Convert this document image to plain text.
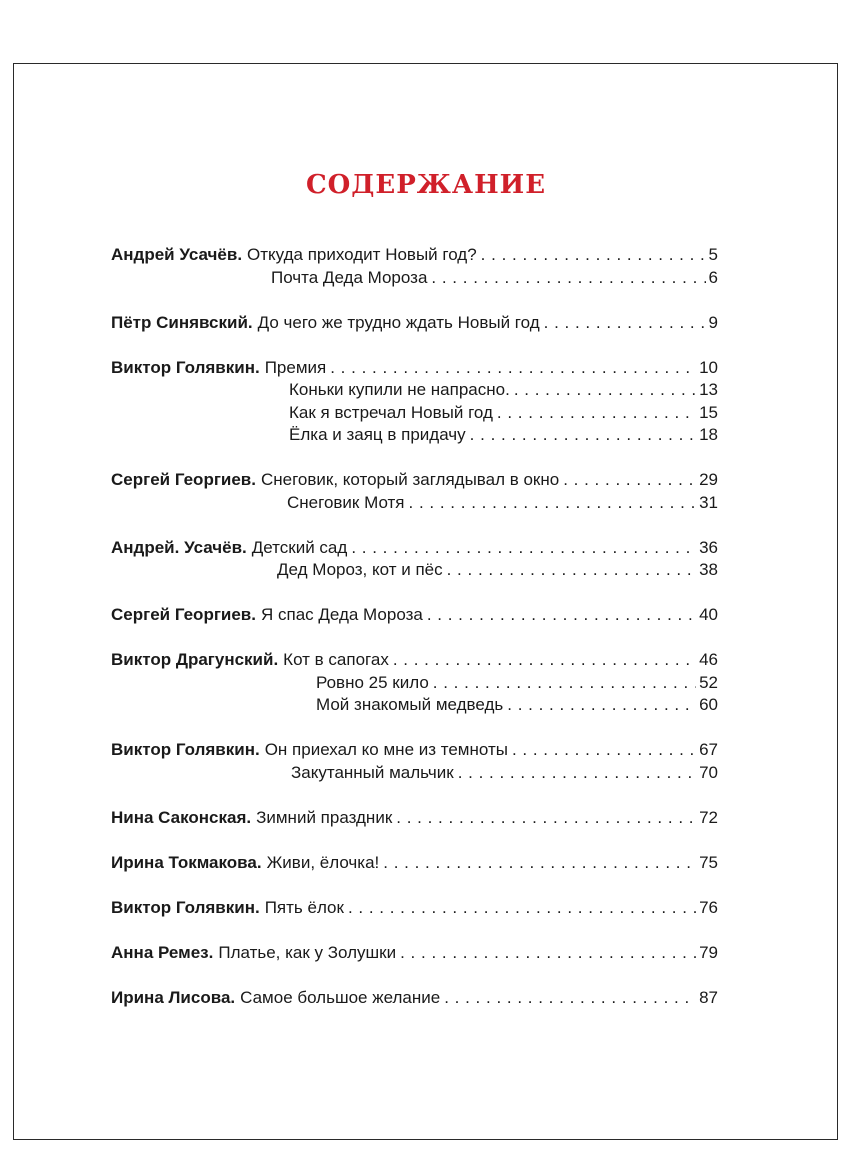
СОДЕРЖАНИЕ
Андрей Усачёв. Откуда приходит Новый год? . . .	5
Почта Деда Мороза . . .	6
Пётр Синявский. До чего же трудно ждать Новый год . . .	9
Виктор Голявкин. Премия . . .	10
Коньки купили не напрасно. . . .	13
Как я встречал Новый год . . .	15
Ёлка и заяц в придачу . . .	18
Сергей Георгиев. Снеговик, который заглядывал в окно . . .	29
Снеговик Мотя . . .	31
Андрей. Усачёв. Детский сад . . .	36
Дед Мороз, кот и пёс . . .	38
Сергей Георгиев. Я спас Деда Мороза . . .	40
Виктор Драгунский. Кот в сапогах . . .	46
Ровно 25 кило . . .	52
Мой знакомый медведь . . .	60
Виктор Голявкин. Он приехал ко мне из темноты . . .	67
Закутанный мальчик . . .	70
Нина Саконская. Зимний праздник . . .	72
Ирина Токмакова. Живи, ёлочка! . . .	75
Виктор Голявкин. Пять ёлок . . .	76
Анна Ремез. Платье, как у Золушки . . .	79
Ирина Лисова. Самое большое желание . . .	87
